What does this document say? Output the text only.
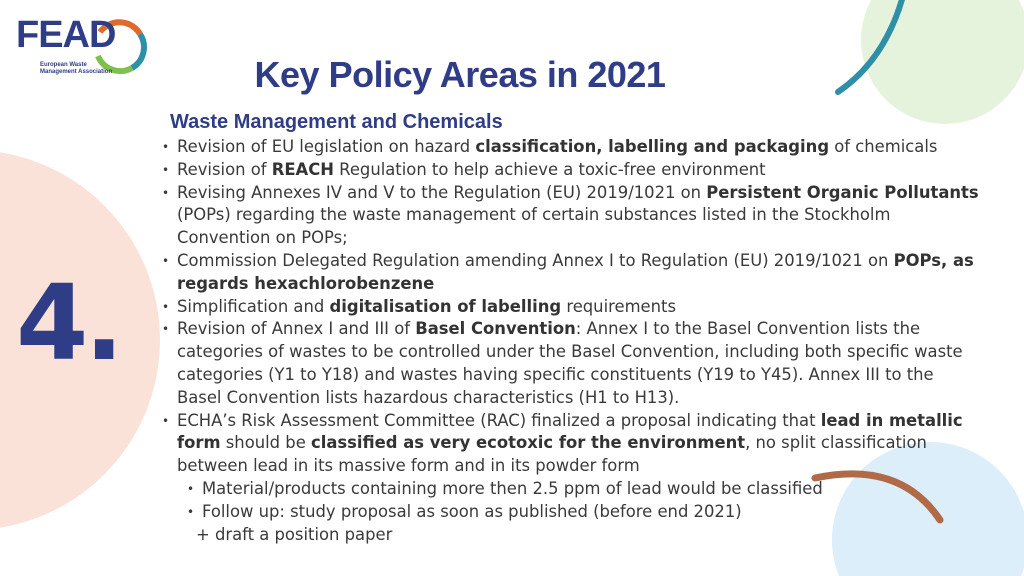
FEAD
European Waste Management Association	Key Policy Areas in 2021
4.
Waste Management and Chemicals
• Revision of EU legislation on hazard classification, labelling and packaging of chemicals
• Revision of REACH Regulation to help achieve a toxic-free environment
• Revising Annexes IV and V to the Regulation (EU) 2019/1021 on Persistent Organic Pollutants (POPs) regarding the waste management of certain substances listed in the Stockholm Convention on POPs;
• Commission Delegated Regulation amending Annex I to Regulation (EU) 2019/1021 on POPs, as regards hexachlorobenzene
• Simplification and digitalisation of labelling requirements
• Revision of Annex I and III of Basel Convention: Annex I to the Basel Convention lists the categories of wastes to be controlled under the Basel Convention, including both specific waste categories (Y1 to Y18) and wastes having specific constituents (Y19 to Y45). Annex III to the Basel Convention lists hazardous characteristics (H1 to H13).
• ECHA’s Risk Assessment Committee (RAC) finalized a proposal indicating that lead in metallic form should be classified as very ecotoxic for the environment, no split classification between lead in its massive form and in its powder form
• Material/products containing more then 2.5 ppm of lead would be classified
• Follow up: study proposal as soon as published (before end 2021)
+ draft a position paper
